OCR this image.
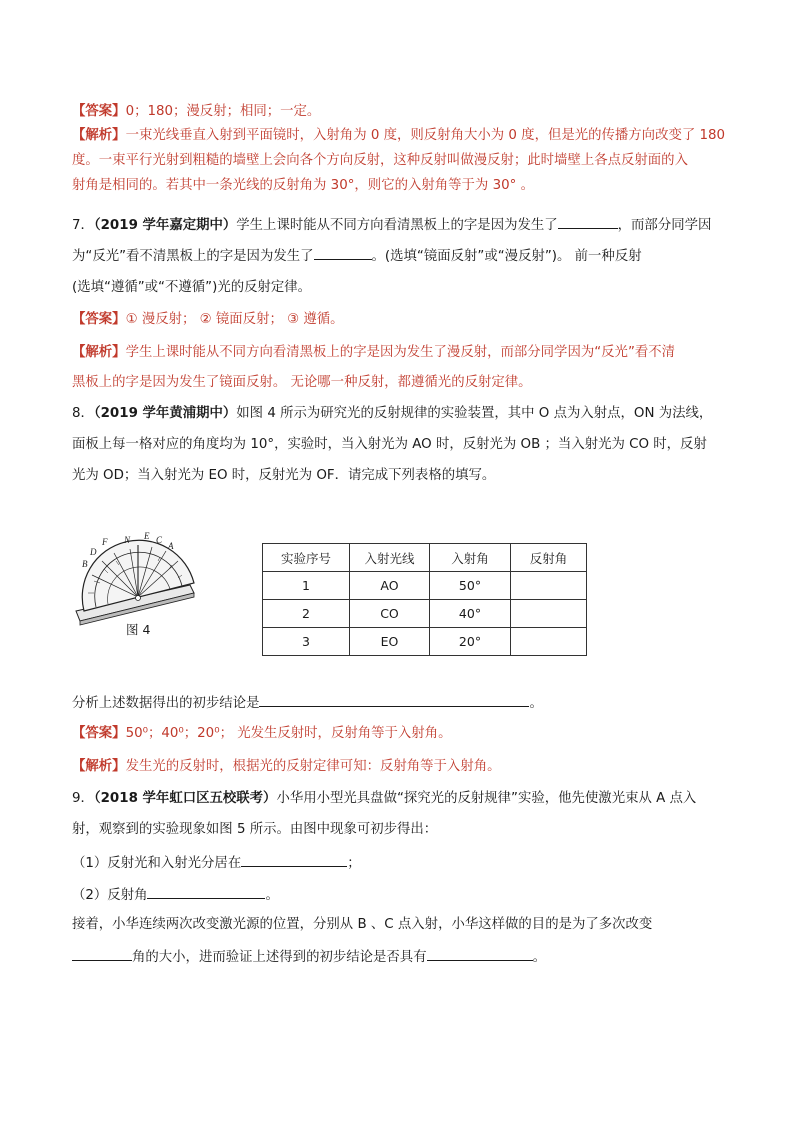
【答案】0；180；漫反射；相同；一定。
【解析】一束光线垂直入射到平面镜时，入射角为 0 度，则反射角大小为 0 度，但是光的传播方向改变了 180
度。一束平行光射到粗糙的墙壁上会向各个方向反射，这种反射叫做漫反射；此时墙壁上各点反射面的入
射角是相同的。若其中一条光线的反射角为 30°，则它的入射角等于为 30° 。
7．（2019 学年嘉定期中）学生上课时能从不同方向看清黑板上的字是因为发生了	，而部分同学因
为“反光”看不清黑板上的字是因为发生了	。(选填“镜面反射”或“漫反射”)。 前一种反射
(选填“遵循”或“不遵循”)光的反射定律。
【答案】① 漫反射； ② 镜面反射； ③ 遵循。
【解析】学生上课时能从不同方向看清黑板上的字是因为发生了漫反射，而部分同学因为“反光”看不清
黑板上的字是因为发生了镜面反射。 无论哪一种反射，都遵循光的反射定律。
8．（2019 学年黄浦期中）如图 4 所示为研究光的反射规律的实验装置，其中 O 点为入射点，ON 为法线，
面板上每一格对应的角度均为 10°，实验时，当入射光为 AO 时，反射光为 OB ；当入射光为 CO 时，反射
光为 OD；当入射光为 EO 时，反射光为 OF．请完成下列表格的填写。
B
D
F N E C
A
图 4
实验序号	入射光线	入射角	反射角
1	AO	50°	
2	CO	40°	
3	EO	20°	
分析上述数据得出的初步结论是	。
【答案】50⁰；40⁰；20⁰； 光发生反射时，反射角等于入射角。
【解析】发生光的反射时，根据光的反射定律可知：反射角等于入射角。
9．（2018 学年虹口区五校联考）小华用小型光具盘做“探究光的反射规律”实验，他先使激光束从 A 点入
射，观察到的实验现象如图 5 所示。由图中现象可初步得出：
（1）反射光和入射光分居在	；
（2）反射角	。
接着，小华连续两次改变激光源的位置，分别从 B 、C 点入射，小华这样做的目的是为了多次改变
角的大小，进而验证上述得到的初步结论是否具有	。
